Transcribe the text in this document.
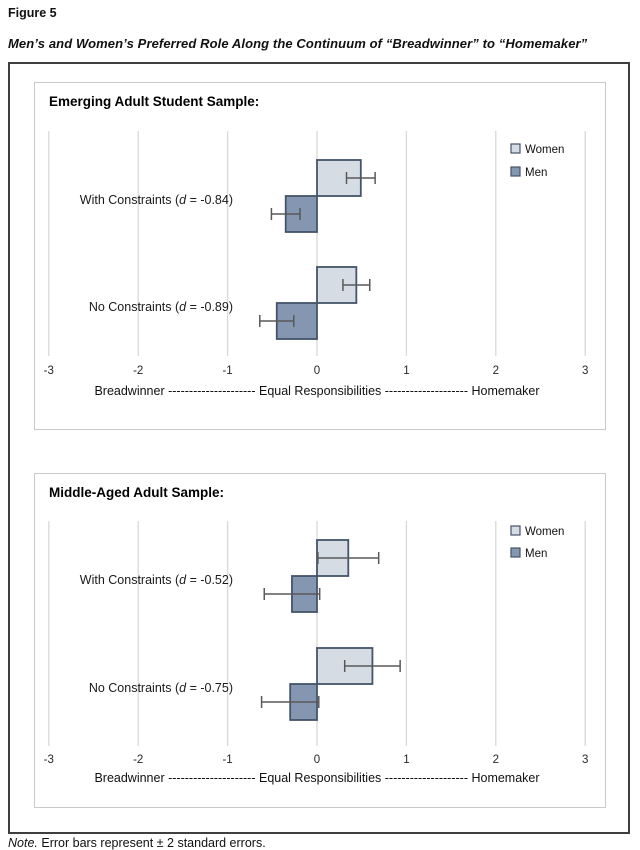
Figure 5
Men’s and Women’s Preferred Role Along the Continuum of “Breadwinner” to “Homemaker”
With Constraints (d = -0.84)
No Constraints (d = -0.89)
-3	-2	-1	0	1	2	3
Breadwinner --------------------- Equal Responsibilities -------------------- Homemaker
Women
Men
Emerging Adult Student Sample:
With Constraints (d = -0.52)
No Constraints (d = -0.75)
-3	-2	-1	0	1	2	3
Breadwinner --------------------- Equal Responsibilities -------------------- Homemaker
Women
Men
Middle-Aged Adult Sample:
Note. Error bars represent ± 2 standard errors.
